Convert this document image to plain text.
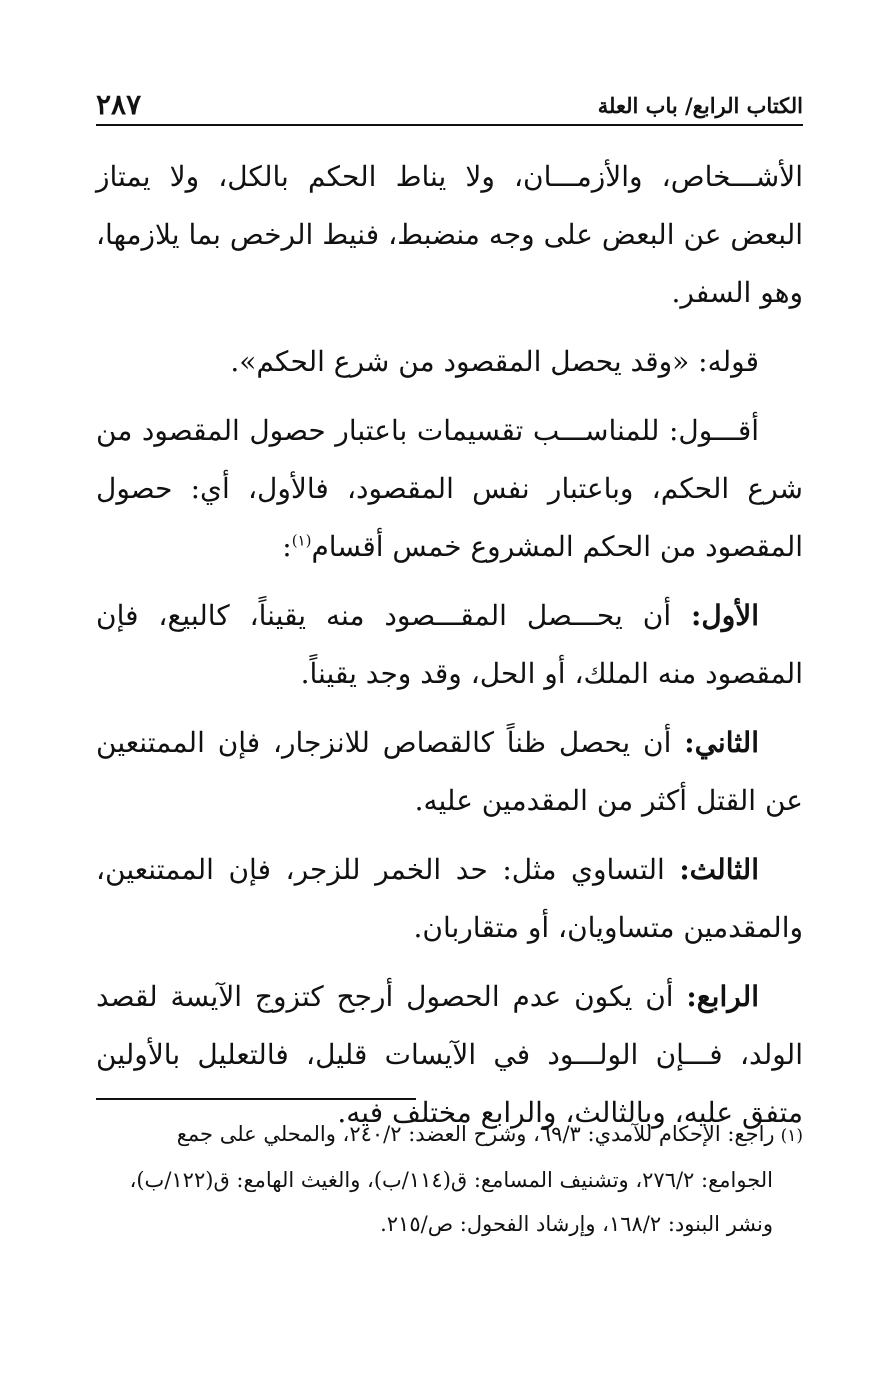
٢٨٧	الكتاب الرابع/ باب العلة

الأشـــخاص، والأزمـــان، ولا يناط الحكم بالكل، ولا يمتاز البعض عن البعض على وجه منضبط، فنيط الرخص بما يلازمها، وهو السفر.

قوله: «وقد يحصل المقصود من شرع الحكم».

أقـــول: للمناســـب تقسيمات باعتبار حصول المقصود من شرع الحكم، وباعتبار نفس المقصود، فالأول، أي: حصول المقصود من الحكم المشروع خمس أقسام$^{(١)}$:

الأول: أن يحـــصل المقـــصود منه يقيناً، كالبيع، فإن المقصود منه الملك، أو الحل، وقد وجد يقيناً.

الثاني: أن يحصل ظناً كالقصاص للانزجار، فإن الممتنعين عن القتل أكثر من المقدمين عليه.

الثالث: التساوي مثل: حد الخمر للزجر، فإن الممتنعين، والمقدمين متساويان، أو متقاربان.

الرابع: أن يكون عدم الحصول أرجح كتزوج الآيسة لقصد الولد، فـــإن الولـــود في الآيسات قليل، فالتعليل بالأولين متفق عليه، وبالثالث، والرابع مختلف فيه.

(١)راجع: الإحكام للآمدي: ٦٩/٣، وشرح العضد: ٢٤٠/٢، والمحلي على جمع

الجوامع: ٢٧٦/٢، وتشنيف المسامع: ق(١١٤/ب)، والغيث الهامع: ق(١٢٢/ب)،

ونشر البنود: ١٦٨/٢، وإرشاد الفحول: ص/٢١٥.
